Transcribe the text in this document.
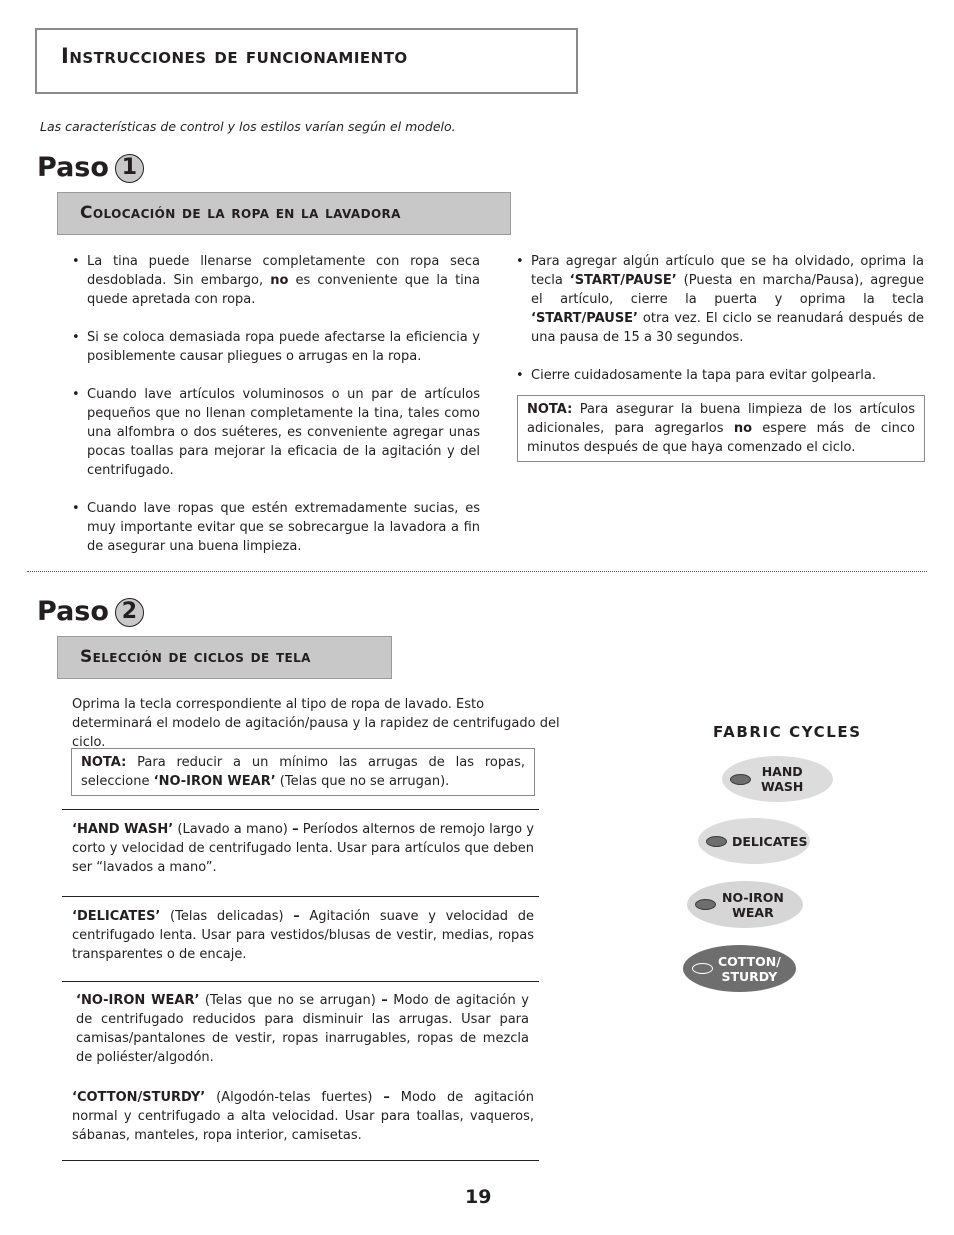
Instrucciones de funcionamiento
Las características de control y los estilos varían según el modelo.
Paso 1
Colocación de la ropa en la lavadora
• La tina puede llenarse completamente con ropa seca desdoblada. Sin embargo, no es conveniente que la tina quede apretada con ropa.
• Si se coloca demasiada ropa puede afectarse la eficiencia y posiblemente causar pliegues o arrugas en la ropa.
• Cuando lave artículos voluminosos o un par de artículos pequeños que no llenan completamente la tina, tales como una alfombra o dos suéteres, es conveniente agregar unas pocas toallas para mejorar la eficacia de la agitación y del centrifugado.
• Cuando lave ropas que estén extremadamente sucias, es muy importante evitar que se sobrecargue la lavadora a fin de asegurar una buena limpieza.
• Para agregar algún artículo que se ha olvidado, oprima la tecla ‘START/PAUSE’ (Puesta en marcha/Pausa), agregue el artículo, cierre la puerta y oprima la tecla ‘START/PAUSE’ otra vez. El ciclo se reanudará después de una pausa de 15 a 30 segundos.
• Cierre cuidadosamente la tapa para evitar golpearla.
NOTA: Para asegurar la buena limpieza de los artículos adicionales, para agregarlos no espere más de cinco minutos después de que haya comenzado el ciclo.
Paso 2
Selección de ciclos de tela
Oprima la tecla correspondiente al tipo de ropa de lavado. Esto determinará el modelo de agitación/pausa y la rapidez de centrifugado del ciclo.
NOTA: Para reducir a un mínimo las arrugas de las ropas, seleccione ‘NO-IRON WEAR’ (Telas que no se arrugan).
‘HAND WASH’ (Lavado a mano) – Períodos alternos de remojo largo y corto y velocidad de centrifugado lenta. Usar para artículos que deben ser “lavados a mano”.
‘DELICATES’ (Telas delicadas) – Agitación suave y velocidad de centrifugado lenta. Usar para vestidos/blusas de vestir, medias, ropas transparentes o de encaje.
‘NO-IRON WEAR’ (Telas que no se arrugan) – Modo de agitación y de centrifugado reducidos para disminuir las arrugas. Usar para camisas/pantalones de vestir, ropas inarrugables, ropas de mezcla de poliéster/algodón.
‘COTTON/STURDY’ (Algodón-telas fuertes) – Modo de agitación normal y centrifugado a alta velocidad. Usar para toallas, vaqueros, sábanas, manteles, ropa interior, camisetas.
FABRIC CYCLES
HAND
WASH
DELICATES
NO-IRON
WEAR
COTTON/
STURDY
19
